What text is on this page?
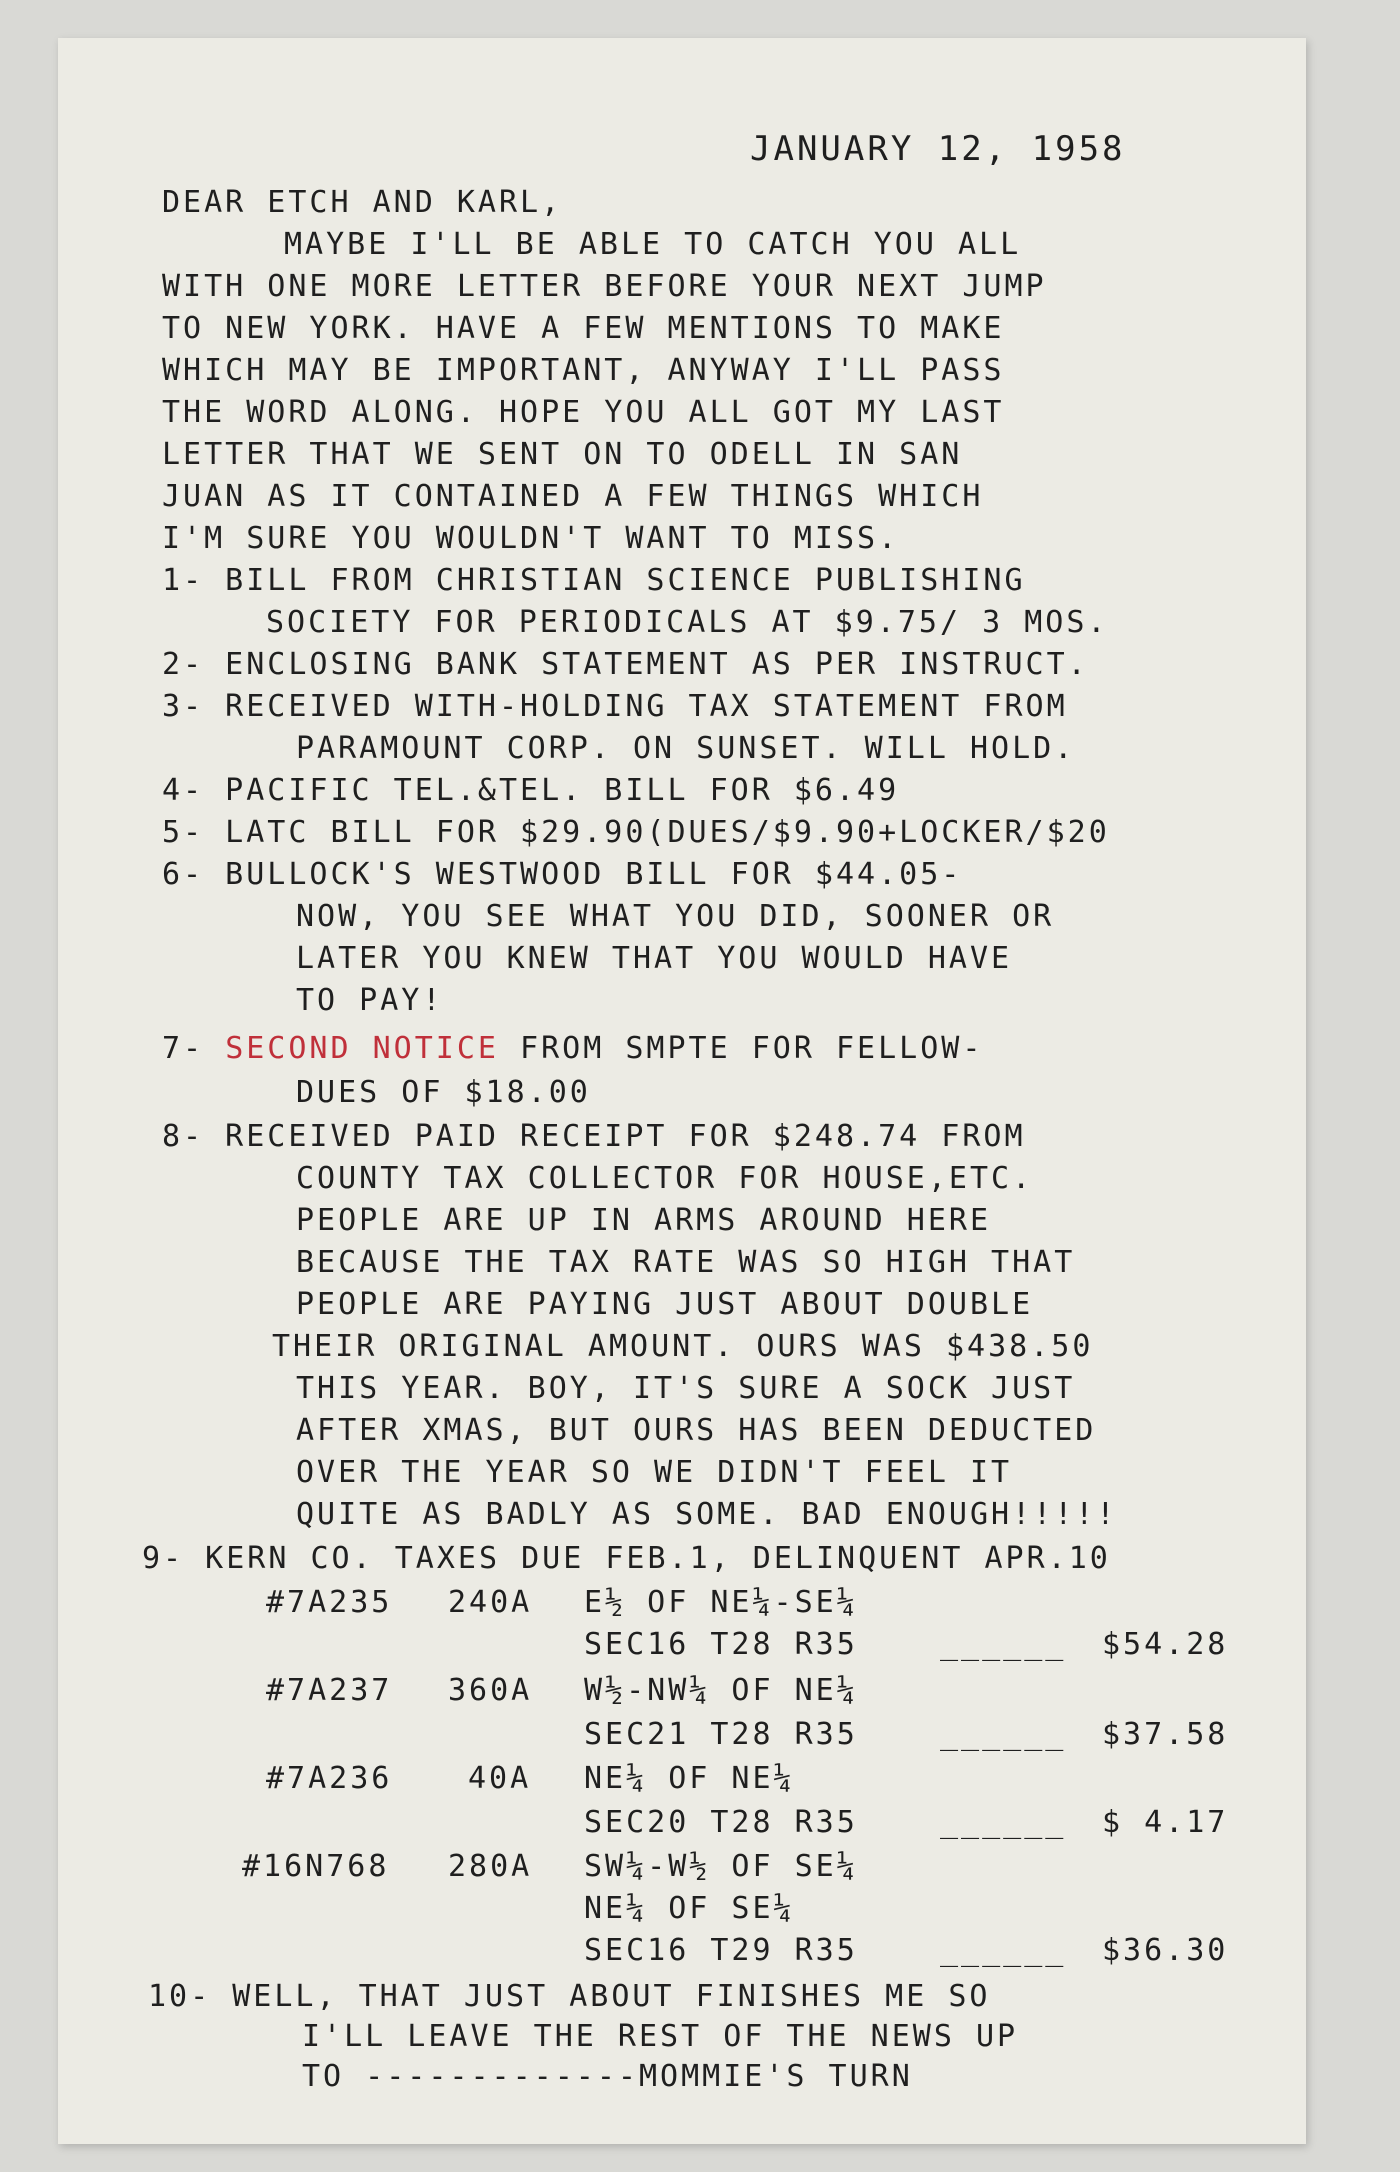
JANUARY 12, 1958
DEAR ETCH AND KARL,
MAYBE I'LL BE ABLE TO CATCH YOU ALL
WITH ONE MORE LETTER BEFORE YOUR NEXT JUMP
TO NEW YORK. HAVE A FEW MENTIONS TO MAKE
WHICH MAY BE IMPORTANT, ANYWAY I'LL PASS
THE WORD ALONG. HOPE YOU ALL GOT MY LAST
LETTER THAT WE SENT ON TO ODELL IN SAN
JUAN AS IT CONTAINED A FEW THINGS WHICH
I'M SURE YOU WOULDN'T WANT TO MISS.
1- BILL FROM CHRISTIAN SCIENCE PUBLISHING
SOCIETY FOR PERIODICALS AT $9.75/ 3 MOS.
2- ENCLOSING BANK STATEMENT AS PER INSTRUCT.
3- RECEIVED WITH-HOLDING TAX STATEMENT FROM
PARAMOUNT CORP. ON SUNSET. WILL HOLD.
4- PACIFIC TEL.&TEL. BILL FOR $6.49
5- LATC BILL FOR $29.90(DUES/$9.90+LOCKER/$20
6- BULLOCK'S WESTWOOD BILL FOR $44.05-
NOW, YOU SEE WHAT YOU DID, SOONER OR
LATER YOU KNEW THAT YOU WOULD HAVE
TO PAY!
7- SECOND NOTICE FROM SMPTE FOR FELLOW-
DUES OF $18.00
8- RECEIVED PAID RECEIPT FOR $248.74 FROM
COUNTY TAX COLLECTOR FOR HOUSE,ETC.
PEOPLE ARE UP IN ARMS AROUND HERE
BECAUSE THE TAX RATE WAS SO HIGH THAT
PEOPLE ARE PAYING JUST ABOUT DOUBLE
THEIR ORIGINAL AMOUNT. OURS WAS $438.50
THIS YEAR. BOY, IT'S SURE A SOCK JUST
AFTER XMAS, BUT OURS HAS BEEN DEDUCTED
OVER THE YEAR SO WE DIDN'T FEEL IT
QUITE AS BADLY AS SOME. BAD ENOUGH!!!!!
9- KERN CO. TAXES DUE FEB.1, DELINQUENT APR.10
#7A235 240A E½ OF NE¼-SE¼
SEC16 T28 R35	______ $54.28
#7A237 360A W½-NW¼ OF NE¼
SEC21 T28 R35	______ $37.58
#7A236	40A NE¼ OF NE¼
SEC20 T28 R35	______ $ 4.17
#16N768 280A SW¼-W½ OF SE¼
NE¼ OF SE¼
SEC16 T29 R35	______ $36.30
10- WELL, THAT JUST ABOUT FINISHES ME SO
I'LL LEAVE THE REST OF THE NEWS UP
TO -------------MOMMIE'S TURN
